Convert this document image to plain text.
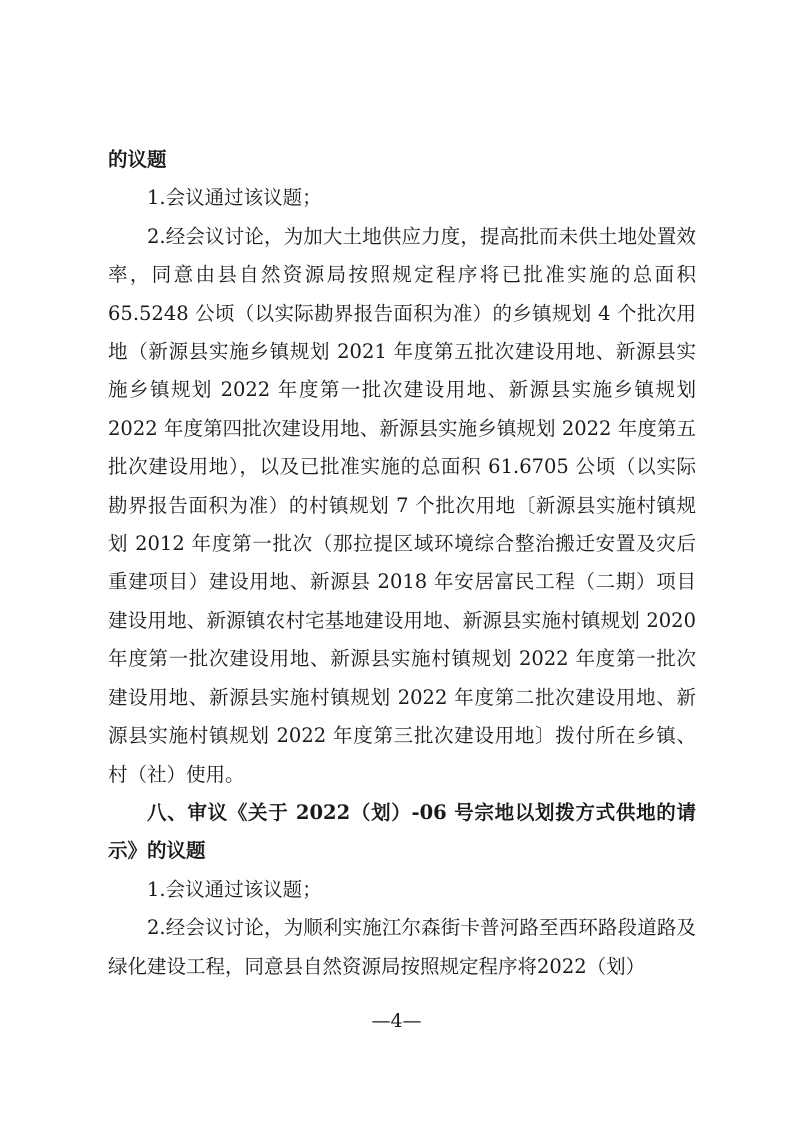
的议题

1.会议通过该议题；

2.经会议讨论，为加大土地供应力度，提高批而未供土地处置效率，同意由县自然资源局按照规定程序将已批准实施的总面积 65.5248 公顷（以实际勘界报告面积为准）的乡镇规划 4 个批次用地（新源县实施乡镇规划 2021 年度第五批次建设用地、新源县实施乡镇规划 2022 年度第一批次建设用地、新源县实施乡镇规划 2022 年度第四批次建设用地、新源县实施乡镇规划 2022 年度第五批次建设用地），以及已批准实施的总面积 61.6705 公顷（以实际勘界报告面积为准）的村镇规划 7 个批次用地〔新源县实施村镇规划 2012 年度第一批次（那拉提区域环境综合整治搬迁安置及灾后重建项目）建设用地、新源县 2018 年安居富民工程（二期）项目建设用地、新源镇农村宅基地建设用地、新源县实施村镇规划 2020 年度第一批次建设用地、新源县实施村镇规划 2022 年度第一批次建设用地、新源县实施村镇规划 2022 年度第二批次建设用地、新源县实施村镇规划 2022 年度第三批次建设用地〕拨付所在乡镇、村（社）使用。

八、审议《关于 2022（划）-06 号宗地以划拨方式供地的请示》的议题

1.会议通过该议题；

2.经会议讨论，为顺利实施江尔森街卡普河路至西环路段道路及绿化建设工程，同意县自然资源局按照规定程序将2022（划）

—4—
